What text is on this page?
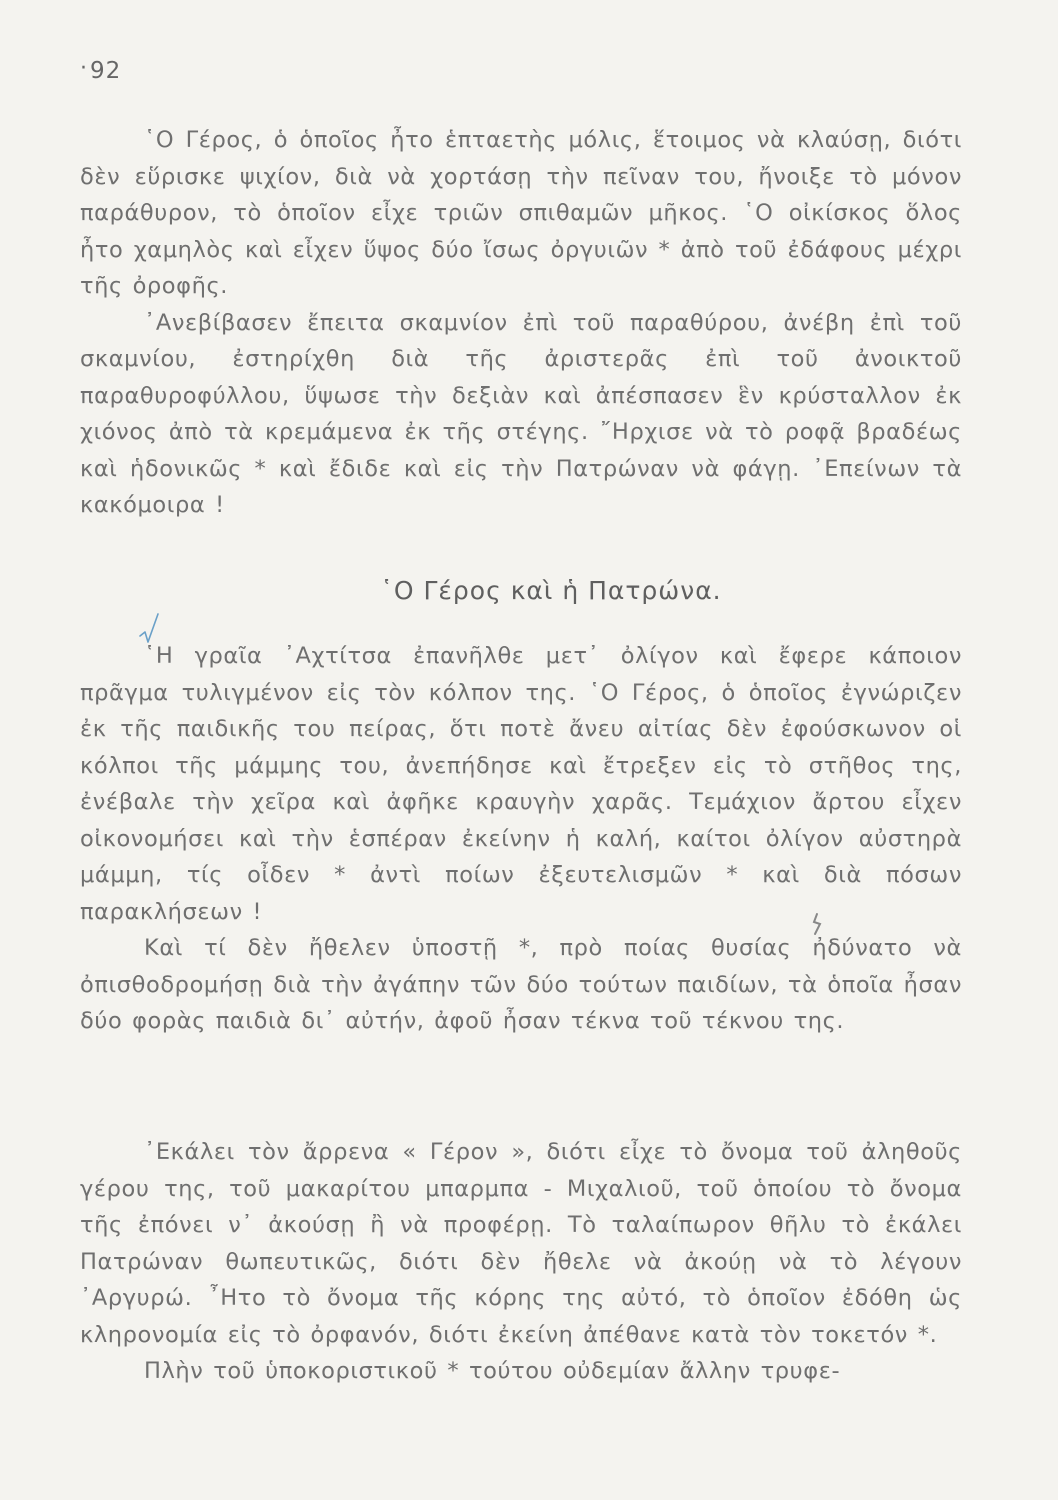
· 92

῾Ο Γέρος, ὁ ὁποῖος ἦτο ἑπταετὴς μόλις, ἕτοιμος νὰ κλαύσῃ, διότι δὲν εὕρισκε ψιχίον, διὰ νὰ χορτάσῃ τὴν πεῖναν του, ἤνοιξε τὸ μόνον παράθυρον, τὸ ὁποῖον εἶχε τριῶν σπιθαμῶν μῆκος. ῾Ο οἰκίσκος ὅλος ἦτο χαμηλὸς καὶ εἶχεν ὕψος δύο ἴσως ὀργυιῶν * ἀπὸ τοῦ ἐδάφους μέχρι τῆς ὀροφῆς.

᾿Ανεβίβασεν ἔπειτα σκαμνίον ἐπὶ τοῦ παραθύρου, ἀνέβη ἐπὶ τοῦ σκαμνίου, ἐστηρίχθη διὰ τῆς ἀριστερᾶς ἐπὶ τοῦ ἀνοικτοῦ παραθυροφύλλου, ὕψωσε τὴν δεξιὰν καὶ ἀπέσπασεν ἓν κρύσταλλον ἐκ χιόνος ἀπὸ τὰ κρεμάμενα ἐκ τῆς στέγης. ῎Ηρχισε νὰ τὸ ροφᾷ βραδέως καὶ ἡδονικῶς * καὶ ἔδιδε καὶ εἰς τὴν Πατρώναν νὰ φάγῃ. ᾿Επείνων τὰ κακόμοιρα !

῾Ο Γέρος καὶ ἡ Πατρώνα.

῾Η γραῖα ᾿Αχτίτσα ἐπανῆλθε μετ᾿ ὀλίγον καὶ ἔφερε κάποιον πρᾶγμα τυλιγμένον εἰς τὸν κόλπον της. ῾Ο Γέρος, ὁ ὁποῖος ἐγνώριζεν ἐκ τῆς παιδικῆς του πείρας, ὅτι ποτὲ ἄνευ αἰτίας δὲν ἐφούσκωνον οἱ κόλποι τῆς μάμμης του, ἀνεπήδησε καὶ ἔτρεξεν εἰς τὸ στῆθος της, ἐνέβαλε τὴν χεῖρα καὶ ἀφῆκε κραυγὴν χαρᾶς. Τεμάχιον ἄρτου εἶχεν οἰκονομήσει καὶ τὴν ἑσπέραν ἐκείνην ἡ καλή, καίτοι ὀλίγον αὐστηρὰ μάμμη, τίς οἶδεν * ἀντὶ ποίων ἐξευτελισμῶν * καὶ διὰ πόσων παρακλήσεων !

Καὶ τί δὲν ἤθελεν ὑποστῇ *, πρὸ ποίας θυσίας ἠδύνατο νὰ ὀπισθοδρομήσῃ διὰ τὴν ἀγάπην τῶν δύο τούτων παιδίων, τὰ ὁποῖα ἦσαν δύο φορὰς παιδιὰ δι᾿ αὐτήν, ἀφοῦ ἦσαν τέκνα τοῦ τέκνου της.

᾿Εκάλει τὸν ἄρρενα « Γέρον », διότι εἶχε τὸ ὄνομα τοῦ ἀληθοῦς γέρου της, τοῦ μακαρίτου μπαρμπα - Μιχαλιοῦ, τοῦ ὁποίου τὸ ὄνομα τῆς ἐπόνει ν᾿ ἀκούσῃ ἢ νὰ προφέρῃ. Τὸ ταλαίπωρον θῆλυ τὸ ἐκάλει Πατρώναν θωπευτικῶς, διότι δὲν ἤθελε νὰ ἀκούῃ νὰ τὸ λέγουν ᾿Αργυρώ. ῏Ητο τὸ ὄνομα τῆς κόρης της αὐτό, τὸ ὁποῖον ἐδόθη ὡς κληρονομία εἰς τὸ ὀρφανόν, διότι ἐκείνη ἀπέθανε κατὰ τὸν τοκετόν *.

Πλὴν τοῦ ὑποκοριστικοῦ * τούτου οὐδεμίαν ἄλλην τρυφε-
